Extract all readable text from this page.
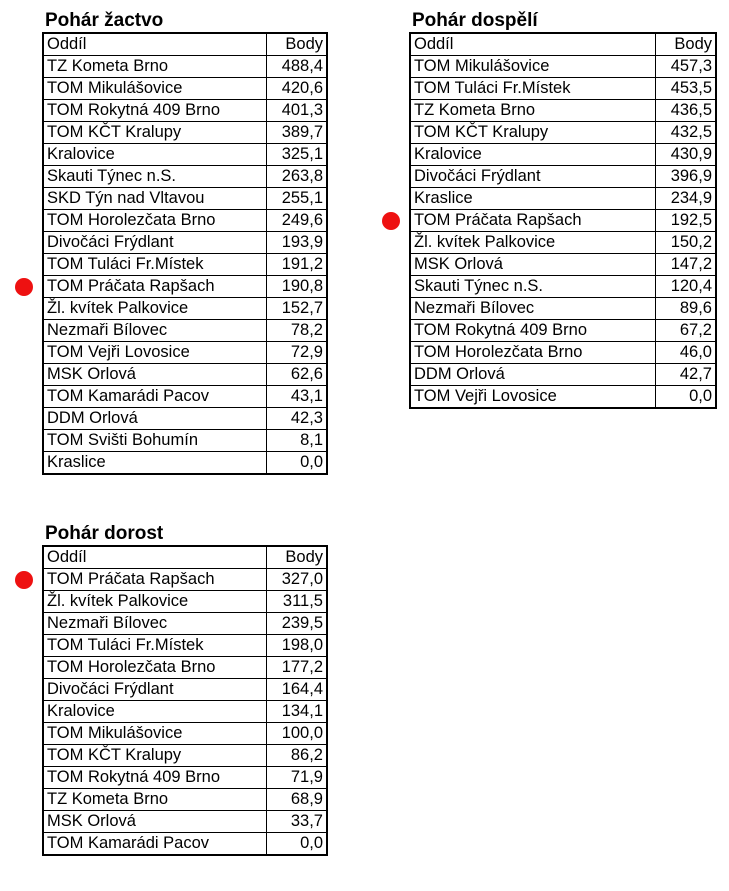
Pohár žactvo
Oddíl	Body
TZ Kometa Brno	488,4
TOM Mikulášovice	420,6
TOM Rokytná 409 Brno	401,3
TOM KČT Kralupy	389,7
Kralovice	325,1
Skauti Týnec n.S.	263,8
SKD Týn nad Vltavou	255,1
TOM Horolezčata Brno	249,6
Divočáci Frýdlant	193,9
TOM Tuláci Fr.Místek	191,2
TOM Práčata Rapšach	190,8
Žl. kvítek Palkovice	152,7
Nezmaři Bílovec	78,2
TOM Vejři Lovosice	72,9
MSK Orlová	62,6
TOM Kamarádi Pacov	43,1
DDM Orlová	42,3
TOM Svišti Bohumín	8,1
Kraslice	0,0
Pohár dospělí
Oddíl	Body
TOM Mikulášovice	457,3
TOM Tuláci Fr.Místek	453,5
TZ Kometa Brno	436,5
TOM KČT Kralupy	432,5
Kralovice	430,9
Divočáci Frýdlant	396,9
Kraslice	234,9
TOM Práčata Rapšach	192,5
Žl. kvítek Palkovice	150,2
MSK Orlová	147,2
Skauti Týnec n.S.	120,4
Nezmaři Bílovec	89,6
TOM Rokytná 409 Brno	67,2
TOM Horolezčata Brno	46,0
DDM Orlová	42,7
TOM Vejři Lovosice	0,0
Pohár dorost
Oddíl	Body
TOM Práčata Rapšach	327,0
Žl. kvítek Palkovice	311,5
Nezmaři Bílovec	239,5
TOM Tuláci Fr.Místek	198,0
TOM Horolezčata Brno	177,2
Divočáci Frýdlant	164,4
Kralovice	134,1
TOM Mikulášovice	100,0
TOM KČT Kralupy	86,2
TOM Rokytná 409 Brno	71,9
TZ Kometa Brno	68,9
MSK Orlová	33,7
TOM Kamarádi Pacov	0,0
